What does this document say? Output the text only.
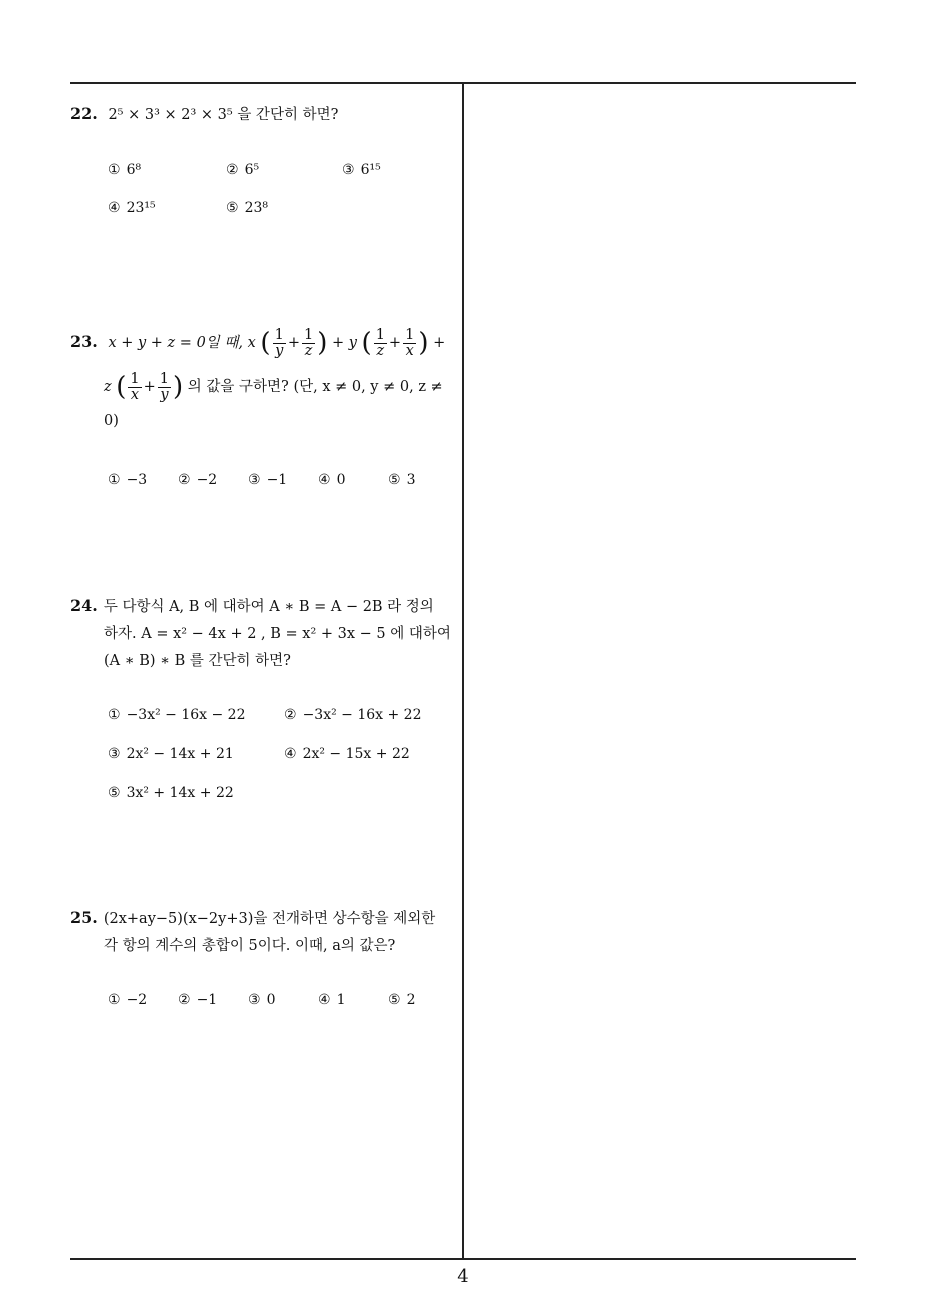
22. 2⁵ × 3³ × 2³ × 3⁵ 을 간단히 하면?
① 6⁸	② 6⁵	③ 6¹⁵
④ 23¹⁵	⑤ 23⁸
23. x + y + z = 0일 때, x ( $\frac{1}{y} + \frac{1}{z}$ ) + y ( $\frac{1}{z} + \frac{1}{x}$ ) +
z ( $\frac{1}{x} + \frac{1}{y}$ ) 의 값을 구하면? (단, x ≠ 0, y ≠ 0, z ≠
0)
① −3 ② −2 ③ −1 ④ 0	⑤ 3
24. 두 다항식 A, B 에 대하여 A ∗ B = A − 2B 라 정의
하자. A = x² − 4x + 2 , B = x² + 3x − 5 에 대하여
(A ∗ B) ∗ B 를 간단히 하면?
① −3x² − 16x − 22	② −3x² − 16x + 22
③ 2x² − 14x + 21	④ 2x² − 15x + 22
⑤ 3x² + 14x + 22
25. (2x+ay−5)(x−2y+3)을 전개하면 상수항을 제외한
각 항의 계수의 총합이 5이다. 이때, a의 값은?
① −2 ② −1 ③ 0	④ 1	⑤ 2
4
